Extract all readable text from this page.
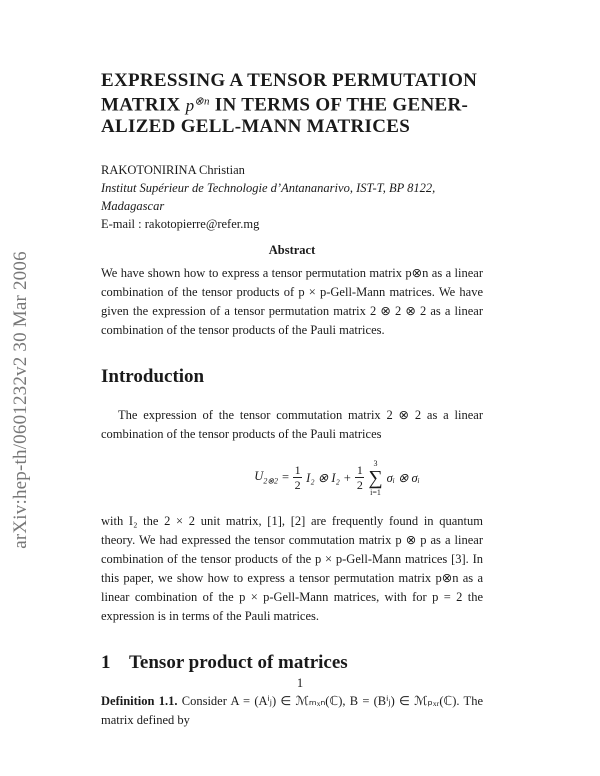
arXiv:hep-th/0601232v2 30 Mar 2006
EXPRESSING A TENSOR PERMUTATION
MATRIX $p^{\otimes n}$ IN TERMS OF THE GENER-
ALIZED GELL-MANN MATRICES
RAKOTONIRINA Christian
Institut Supérieur de Technologie d’Antananarivo, IST-T, BP 8122,
Madagascar
E-mail : rakotopierre@refer.mg
Abstract

We have shown how to express a tensor permutation matrix p⊗n as a linear combination of the tensor products of p × p-Gell-Mann matrices. We have given the expression of a tensor permutation matrix 2 ⊗ 2 ⊗ 2 as a linear combination of the tensor products of the Pauli matrices.

Introduction

The expression of the tensor commutation matrix 2 ⊗ 2 as a linear combination of the tensor products of the Pauli matrices

$U_{2\otimes 2} = \frac{1}{2} I_2$ ⊗ $I_2 + \frac{1}{2} 3$
∑
i=1
σᵢ ⊗ σᵢ

with I₂ the 2 × 2 unit matrix, [1], [2] are frequently found in quantum theory. We had expressed the tensor commutation matrix p ⊗ p as a linear combination of the tensor products of the p × p-Gell-Mann matrices [3]. In this paper, we show how to express a tensor permutation matrix p⊗n as a linear combination of the p × p-Gell-Mann matrices, with for p = 2 the expression is in terms of the Pauli matrices.

1 Tensor product of matrices

Definition 1.1. Consider A = (Aⁱⱼ) ∈ ℳₘₓₙ(ℂ), B = (Bⁱⱼ) ∈ ℳₚₓᵣ(ℂ). The matrix defined by

1
